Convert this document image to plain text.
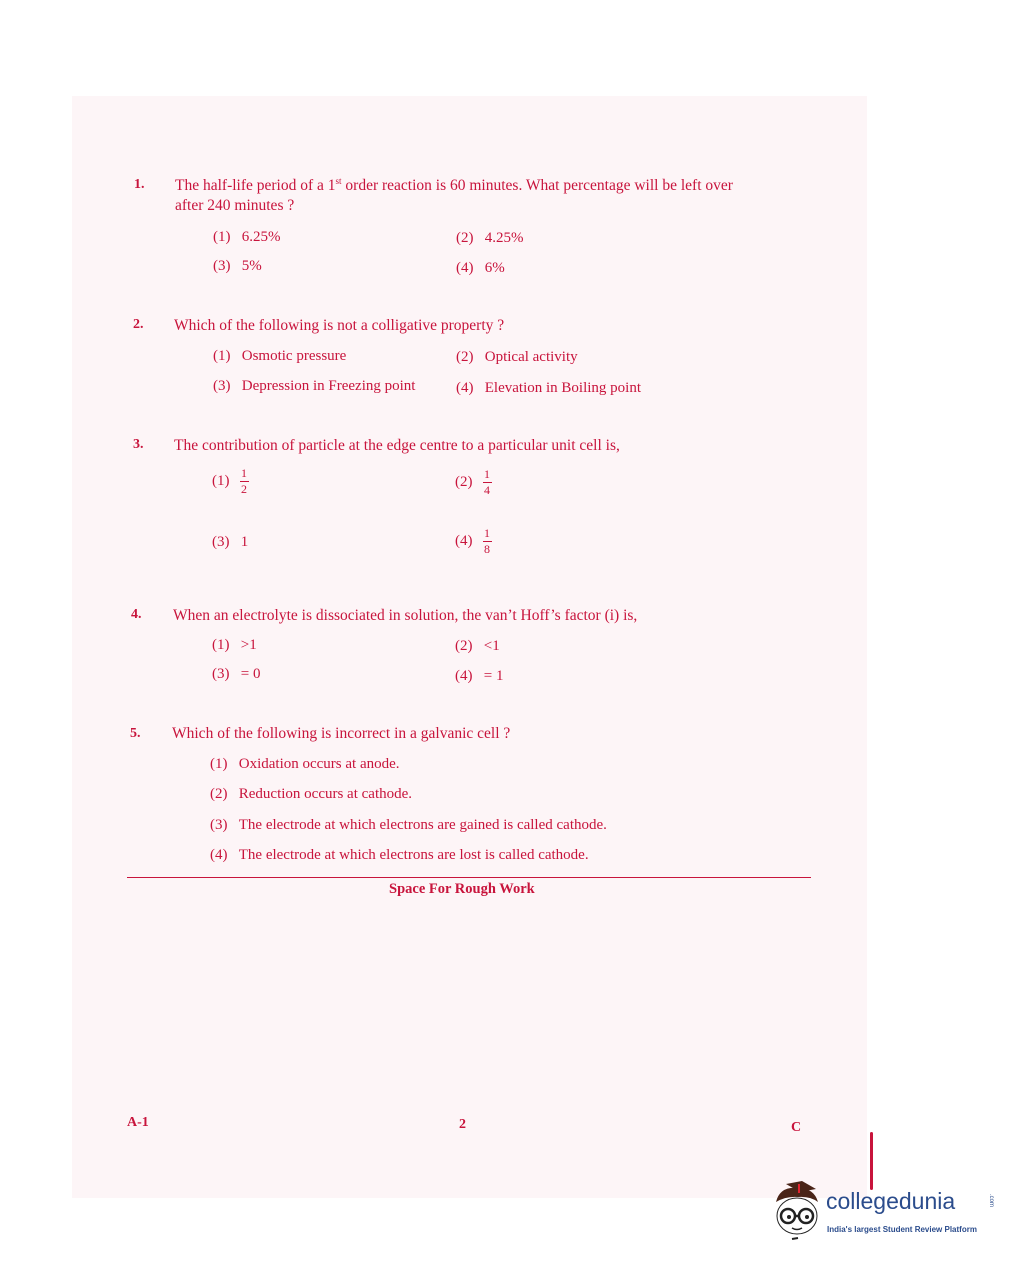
1. The half-life period of a 1st order reaction is 60 minutes. What percentage will be left over
after 240 minutes ?
(1) 6.25%	(2) 4.25%
(3) 5%	(4) 6%
2. Which of the following is not a colligative property ?
(1) Osmotic pressure	(2) Optical activity
(3) Depression in Freezing point	(4) Elevation in Boiling point
3. The contribution of particle at the edge centre to a particular unit cell is,
$(1) \frac{1}{2}$	$(2) \frac{1}{4}$
(3) 1	$(4) \frac{1}{8}$
4. When an electrolyte is dissociated in solution, the van’t Hoff’s factor (i) is,
(1) >1	(2) <1
(3) = 0	(4) = 1
5. Which of the following is incorrect in a galvanic cell ?
(1) Oxidation occurs at anode.
(2) Reduction occurs at cathode.
(3) The electrode at which electrons are gained is called cathode.
(4) The electrode at which electrons are lost is called cathode.
Space For Rough Work
A-1	2	C
collegedunia	.com
India's largest Student Review Platform
